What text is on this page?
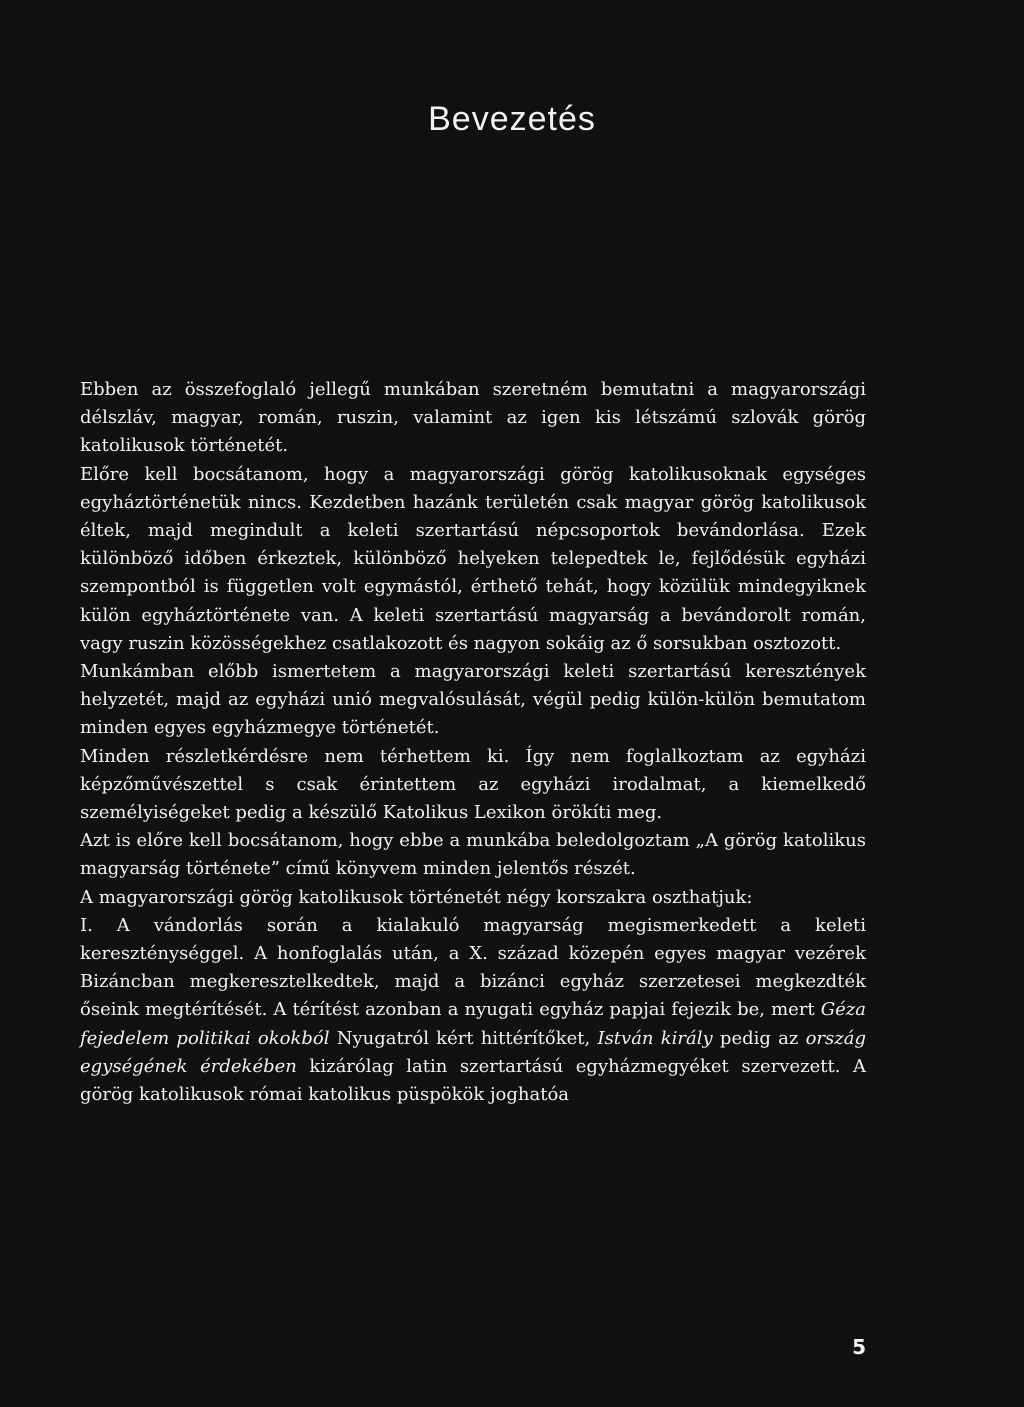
Bevezetés

Ebben az összefoglaló jellegű munkában szeretném bemutatni a magyarországi délszláv, magyar, román, ruszin, valamint az igen kis létszámú szlovák görög katolikusok történetét.

Előre kell bocsátanom, hogy a magyarországi görög katolikusoknak egységes egyháztörténetük nincs. Kezdetben hazánk területén csak magyar görög katolikusok éltek, majd megindult a keleti szertartású népcsoportok bevándorlása. Ezek különböző időben érkeztek, különböző helyeken telepedtek le, fejlődésük egyházi szempontból is független volt egymástól, érthető tehát, hogy közülük mindegyiknek külön egyháztörténete van. A keleti szertartású magyarság a bevándorolt román, vagy ruszin közösségekhez csatlakozott és nagyon sokáig az ő sorsukban osztozott.

Munkámban előbb ismertetem a magyarországi keleti szertartású keresztények helyzetét, majd az egyházi unió megvalósulását, végül pedig külön-külön bemutatom minden egyes egyházmegye történetét.

Minden részletkérdésre nem térhettem ki. Így nem foglalkoztam az egyházi képzőművészettel s csak érintettem az egyházi irodalmat, a kiemelkedő személyiségeket pedig a készülő Katolikus Lexikon örökíti meg.

Azt is előre kell bocsátanom, hogy ebbe a munkába beledolgoztam „A görög katolikus magyarság története” című könyvem minden jelentős részét.

A magyarországi görög katolikusok történetét négy korszakra oszthatjuk:

I. A vándorlás során a kialakuló magyarság megismerkedett a keleti kereszténységgel. A honfoglalás után, a X. század közepén egyes magyar vezérek Bizáncban megkeresztelkedtek, majd a bizánci egyház szerzetesei megkezdték őseink megtérítését. A térítést azonban a nyugati egyház papjai fejezik be, mert Géza fejedelem politikai okokból Nyugatról kért hittérítőket, István király pedig az ország egységének érdekében kizárólag latin szertartású egyházmegyéket szervezett. A görög katolikusok római katolikus püspökök joghatóa

5
